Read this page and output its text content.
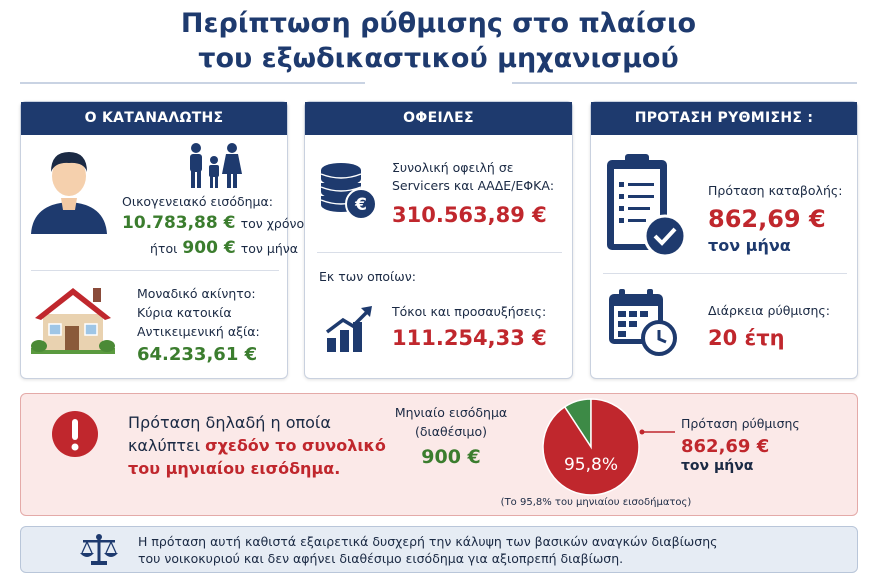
Περίπτωση ρύθμισης στο πλαίσιο
του εξωδικαστικού μηχανισμού
Ο ΚΑΤΑΝΑΛΩΤΗΣ
Οικογενειακό εισόδημα:
10.783,88 € τον χρόνο
ήτοι 900 € τον μήνα
Μοναδικό ακίνητο:
Κύρια κατοικία
Αντικειμενική αξία:
64.233,61 €
ΟΦΕΙΛΕΣ
€
Συνολική οφειλή σε
Servicers και ΑΑΔΕ/ΕΦΚΑ:
310.563,89 €
Εκ των οποίων:
Τόκοι και προσαυξήσεις:
111.254,33 €
ΠΡΟΤΑΣΗ ΡΥΘΜΙΣΗΣ :
Πρόταση καταβολής:
862,69 €
τον μήνα
Διάρκεια ρύθμισης:
20 έτη
Πρόταση δηλαδή η οποία
καλύπτει σχεδόν το συνολικό
του μηνιαίου εισόδημα.
Μηνιαίο εισόδημα
(διαθέσιμο)
900 €	95,8%
Πρόταση ρύθμισης
862,69 €
τον μήνα
(Το 95,8% του μηνιαίου εισοδήματος)
Η πρόταση αυτή καθιστά εξαιρετικά δυσχερή την κάλυψη των βασικών αναγκών διαβίωσης
του νοικοκυριού και δεν αφήνει διαθέσιμο εισόδημα για αξιοπρεπή διαβίωση.
